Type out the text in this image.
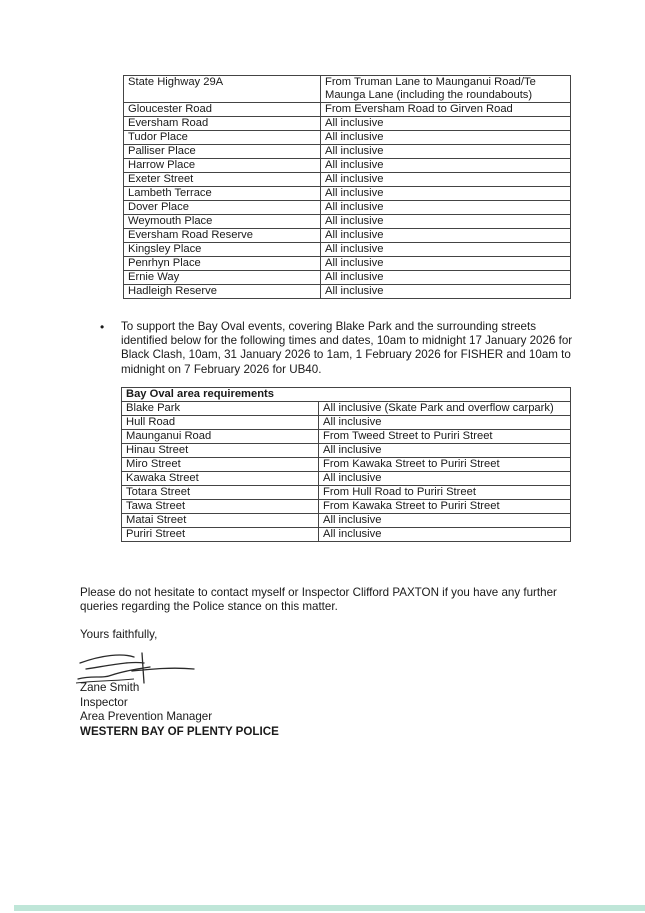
State Highway 29A	From Truman Lane to Maunganui Road/Te Maunga Lane (including the roundabouts)
Gloucester Road	From Eversham Road to Girven Road
Eversham Road	All inclusive
Tudor Place	All inclusive
Palliser Place	All inclusive
Harrow Place	All inclusive
Exeter Street	All inclusive
Lambeth Terrace	All inclusive
Dover Place	All inclusive
Weymouth Place	All inclusive
Eversham Road Reserve	All inclusive
Kingsley Place	All inclusive
Penrhyn Place	All inclusive
Ernie Way	All inclusive
Hadleigh Reserve	All inclusive
• To support the Bay Oval events, covering Blake Park and the surrounding streets identified below for the following times and dates, 10am to midnight 17 January 2026 for Black Clash, 10am, 31 January 2026 to 1am, 1 February 2026 for FISHER and 10am to midnight on 7 February 2026 for UB40.
Bay Oval area requirements	
Blake Park	All inclusive (Skate Park and overflow carpark)
Hull Road	All inclusive
Maunganui Road	From Tweed Street to Puriri Street
Hinau Street	All inclusive
Miro Street	From Kawaka Street to Puriri Street
Kawaka Street	All inclusive
Totara Street	From Hull Road to Puriri Street
Tawa Street	From Kawaka Street to Puriri Street
Matai Street	All inclusive
Puriri Street	All inclusive
Please do not hesitate to contact myself or Inspector Clifford PAXTON if you have any further queries regarding the Police stance on this matter.
Yours faithfully,
Zane Smith
Inspector
Area Prevention Manager
WESTERN BAY OF PLENTY POLICE
